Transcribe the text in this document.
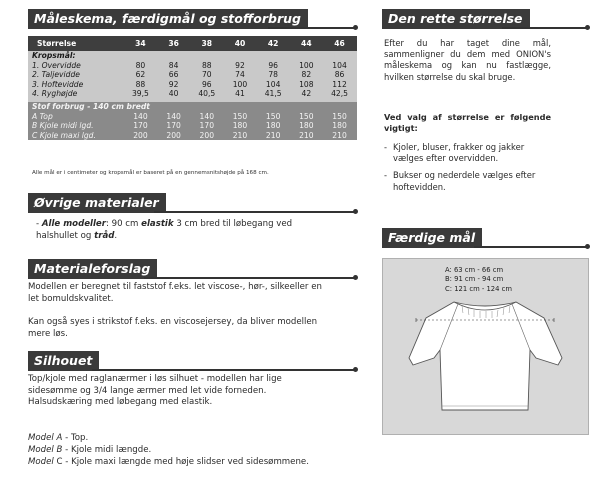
Måleskema, færdigmål og stofforbrug
Størrelse	34	36	38	40	42	44	46
Kropsmål:							
1. Overvidde	80	84	88	92	96	100	104
2. Taljevidde	62	66	70	74	78	82	86
3. Hoftevidde	88	92	96	100	104	108	112
4. Ryghøjde	39,5	40	40,5	41	41,5	42	42,5

Stof forbrug - 140 cm bredt							
A Top	140	140	140	150	150	150	150
B Kjole midi lgd.	170	170	170	180	180	180	180
C Kjole maxi lgd.	200	200	200	210	210	210	210
Alle mål er i centimeter og kropsmål er baseret på en gennemsnitshøjde på 168 cm.
Øvrige materialer
- Alle modeller: 90 cm elastik 3 cm bred til løbegang ved halshullet og tråd.
Materialeforslag
Modellen er beregnet til faststof f.eks. let viscose-, hør-, silkeeller en let bomuldskvalitet.
Kan også syes i strikstof f.eks. en viscosejersey, da bliver modellen mere løs.
Silhouet
Top/kjole med raglanærmer i løs silhuet - modellen har lige sidesømme og 3/4 lange ærmer med let vide forneden. Halsudskæring med løbegang med elastik.
Model A - Top.
Model B - Kjole midi længde.
Model C - Kjole maxi længde med høje slidser ved sidesømmene.
Den rette størrelse
Efter du har taget dine mål, sammenligner du dem med ONION's måleskema og kan nu fastlægge, hvilken størrelse du skal bruge.
Ved valg af størrelse er følgende vigtigt:
- Kjoler, bluser, frakker og jakker vælges efter overvidden.
- Bukser og nederdele vælges efter hoftevidden.
Færdige mål
A: 63 cm - 66 cm
B: 91 cm - 94 cm
C: 121 cm - 124 cm
